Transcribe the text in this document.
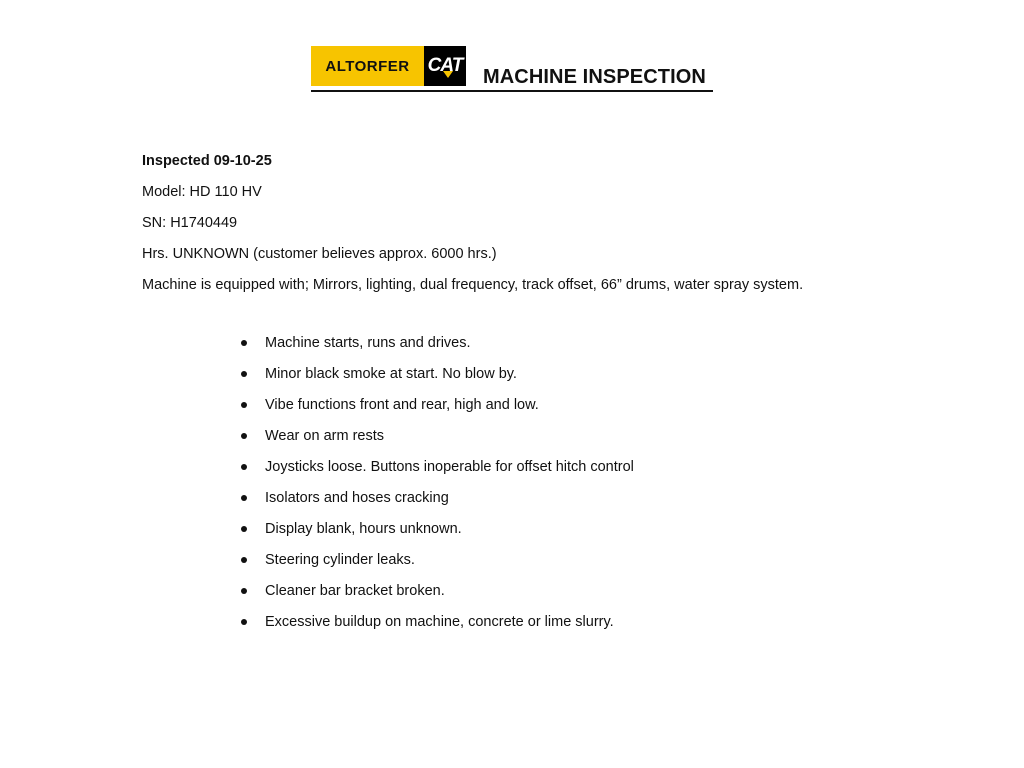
ALTORFER CAT
MACHINE INSPECTION
Inspected 09-10-25
Model: HD 110 HV
SN: H1740449
Hrs. UNKNOWN (customer believes approx. 6000 hrs.)
Machine is equipped with; Mirrors, lighting, dual frequency, track offset, 66” drums, water spray system.
Machine starts, runs and drives.
Minor black smoke at start. No blow by.
Vibe functions front and rear, high and low.
Wear on arm rests
Joysticks loose. Buttons inoperable for offset hitch control
Isolators and hoses cracking
Display blank, hours unknown.
Steering cylinder leaks.
Cleaner bar bracket broken.
Excessive buildup on machine, concrete or lime slurry.
